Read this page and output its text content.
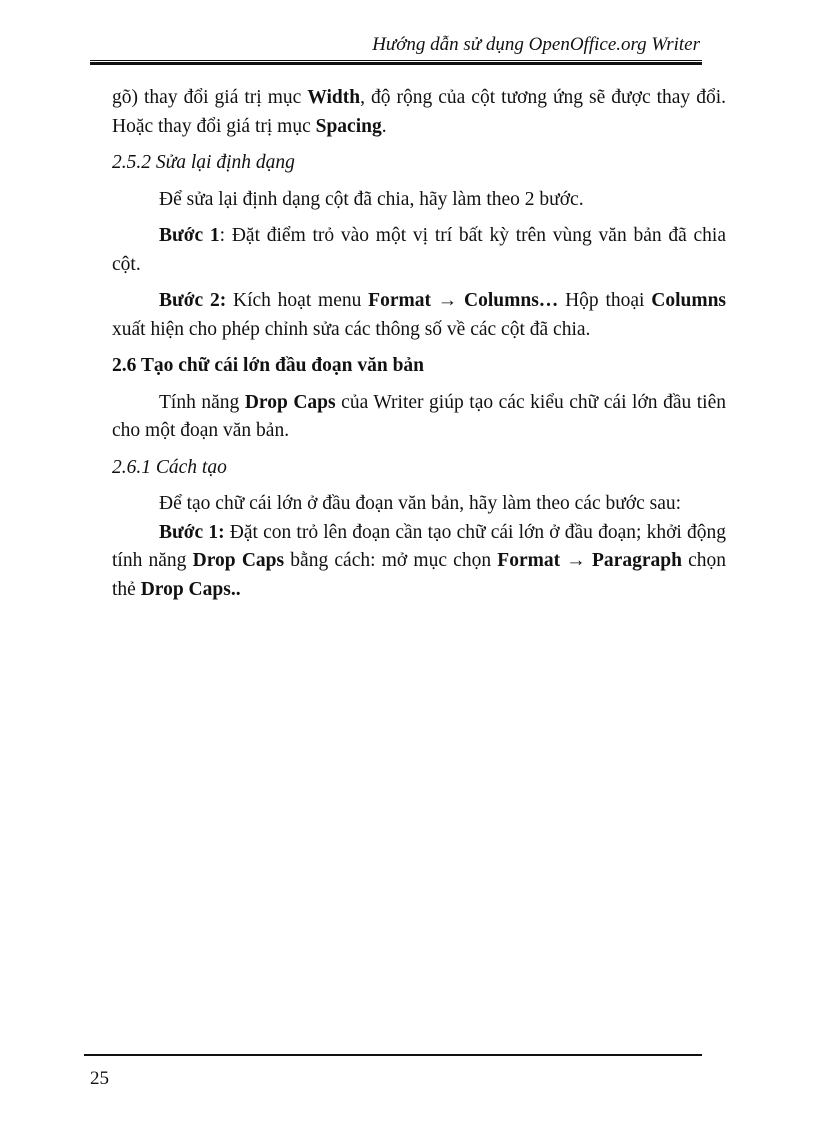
Hướng dẫn sử dụng OpenOffice.org Writer

gõ) thay đổi giá trị mục Width, độ rộng của cột tương ứng sẽ được thay đổi. Hoặc thay đổi giá trị mục Spacing.

2.5.2 Sửa lại định dạng

Để sửa lại định dạng cột đã chia, hãy làm theo 2 bước.

Bước 1: Đặt điểm trỏ vào một vị trí bất kỳ trên vùng văn bản đã chia cột.

Bước 2: Kích hoạt menu Format → Columns… Hộp thoại Columns xuất hiện cho phép chỉnh sửa các thông số về các cột đã chia.

2.6 Tạo chữ cái lớn đầu đoạn văn bản

Tính năng Drop Caps của Writer giúp tạo các kiểu chữ cái lớn đầu tiên cho một đoạn văn bản.

2.6.1 Cách tạo

Để tạo chữ cái lớn ở đầu đoạn văn bản, hãy làm theo các bước sau:

Bước 1: Đặt con trỏ lên đoạn cần tạo chữ cái lớn ở đầu đoạn; khởi động tính năng Drop Caps bằng cách: mở mục chọn Format → Paragraph chọn thẻ Drop Caps..

25
